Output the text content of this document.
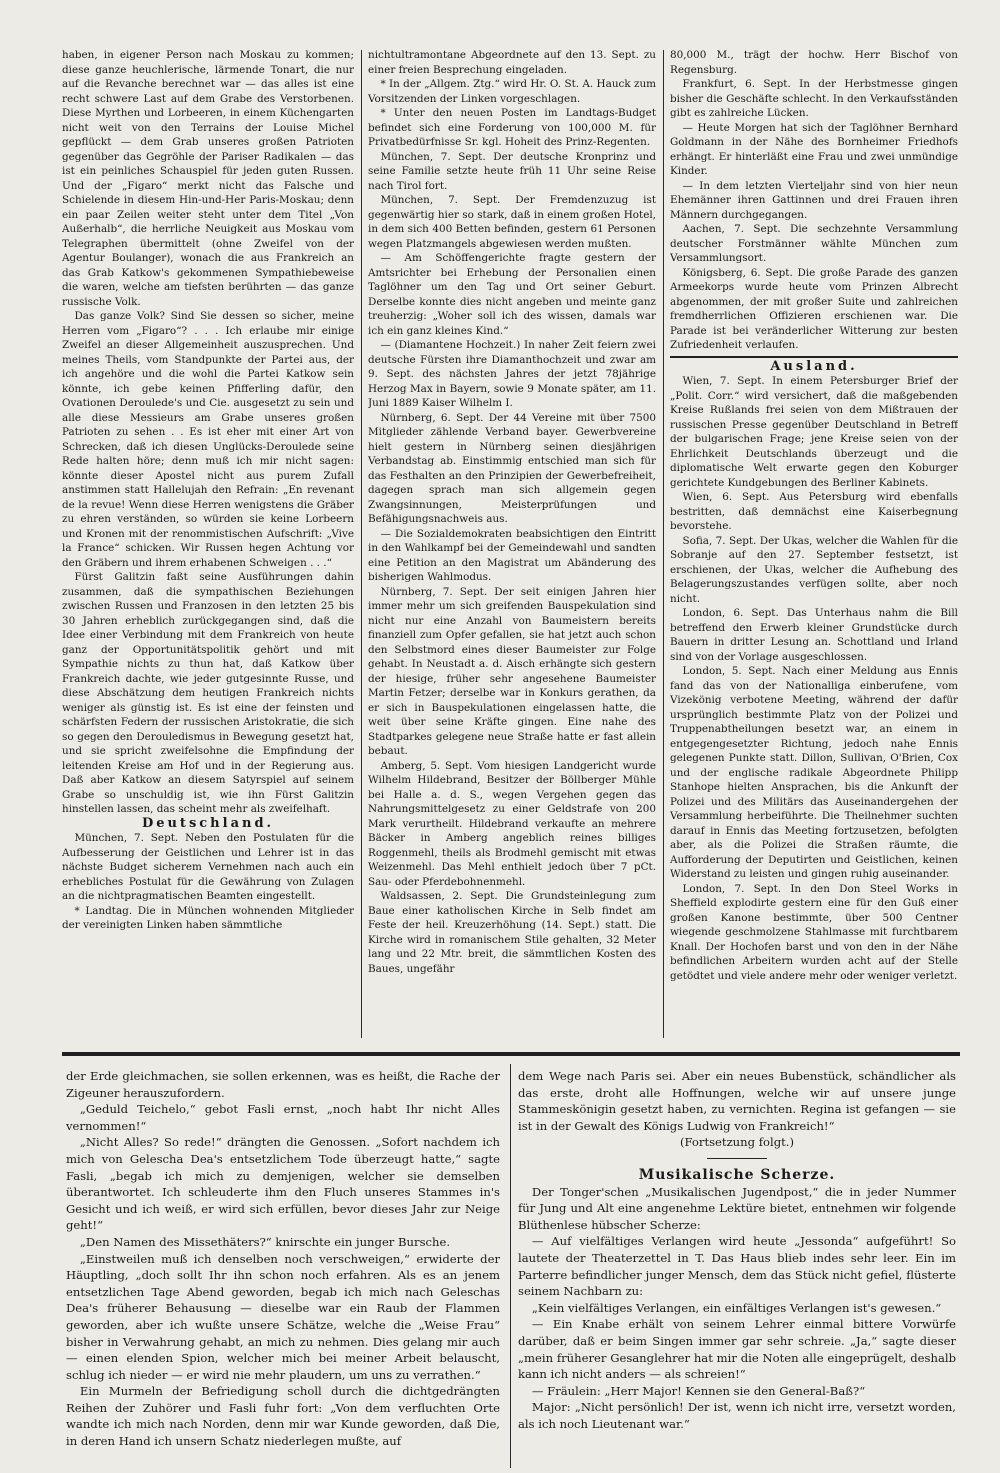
haben, in eigener Person nach Moskau zu kommen; diese ganze heuchlerische, lärmende Tonart, die nur auf die Revanche berechnet war — das alles ist eine recht schwere Last auf dem Grabe des Verstorbenen. Diese Myrthen und Lorbeeren, in einem Küchengarten nicht weit von den Terrains der Louise Michel gepflückt — dem Grab unseres großen Patrioten gegenüber das Gegröhle der Pariser Radikalen — das ist ein peinliches Schauspiel für jeden guten Russen. Und der „Figaro“ merkt nicht das Falsche und Schielende in diesem Hin-und-Her Paris-Moskau; denn ein paar Zeilen weiter steht unter dem Titel „Von Außerhalb“, die herrliche Neuigkeit aus Moskau vom Telegraphen übermittelt (ohne Zweifel von der Agentur Boulanger), wonach die aus Frankreich an das Grab Katkow's gekommenen Sympathiebeweise die waren, welche am tiefsten berührten — das ganze russische Volk.

Das ganze Volk? Sind Sie dessen so sicher, meine Herren vom „Figaro“? . . . Ich erlaube mir einige Zweifel an dieser Allgemeinheit auszusprechen. Und meines Theils, vom Standpunkte der Partei aus, der ich angehöre und die wohl die Partei Katkow sein könnte, ich gebe keinen Pfifferling dafür, den Ovationen Deroulede's und Cie. ausgesetzt zu sein und alle diese Messieurs am Grabe unseres großen Patrioten zu sehen . . Es ist eher mit einer Art von Schrecken, daß ich diesen Unglücks-Deroulede seine Rede halten höre; denn muß ich mir nicht sagen: könnte dieser Apostel nicht aus purem Zufall anstimmen statt Hallelujah den Refrain: „En revenant de la revue! Wenn diese Herren wenigstens die Gräber zu ehren verständen, so würden sie keine Lorbeern und Kronen mit der renommistischen Aufschrift: „Vive la France“ schicken. Wir Russen hegen Achtung vor den Gräbern und ihrem erhabenen Schweigen . . .“

Fürst Galitzin faßt seine Ausführungen dahin zusammen, daß die sympathischen Beziehungen zwischen Russen und Franzosen in den letzten 25 bis 30 Jahren erheblich zurückgegangen sind, daß die Idee einer Verbindung mit dem Frankreich von heute ganz der Opportunitätspolitik gehört und mit Sympathie nichts zu thun hat, daß Katkow über Frankreich dachte, wie jeder gutgesinnte Russe, und diese Abschätzung dem heutigen Frankreich nichts weniger als günstig ist. Es ist eine der feinsten und schärfsten Federn der russischen Aristokratie, die sich so gegen den Derouledismus in Bewegung gesetzt hat, und sie spricht zweifelsohne die Empfindung der leitenden Kreise am Hof und in der Regierung aus. Daß aber Katkow an diesem Satyrspiel auf seinem Grabe so unschuldig ist, wie ihn Fürst Galitzin hinstellen lassen, das scheint mehr als zweifelhaft.

Deutschland.

München, 7. Sept. Neben den Postulaten für die Aufbesserung der Geistlichen und Lehrer ist in das nächste Budget sicherem Vernehmen nach auch ein erhebliches Postulat für die Gewährung von Zulagen an die nichtpragmatischen Beamten eingestellt.

* Landtag. Die in München wohnenden Mitglieder der vereinigten Linken haben sämmtliche

nichtultramontane Abgeordnete auf den 13. Sept. zu einer freien Besprechung eingeladen.

* In der „Allgem. Ztg.“ wird Hr. O. St. A. Hauck zum Vorsitzenden der Linken vorgeschlagen.

* Unter den neuen Posten im Landtags-Budget befindet sich eine Forderung von 100,000 M. für Privatbedürfnisse Sr. kgl. Hoheit des Prinz-Regenten.

München, 7. Sept. Der deutsche Kronprinz und seine Familie setzte heute früh 11 Uhr seine Reise nach Tirol fort.

München, 7. Sept. Der Fremdenzuzug ist gegenwärtig hier so stark, daß in einem großen Hotel, in dem sich 400 Betten befinden, gestern 61 Personen wegen Platzmangels abgewiesen werden mußten.

— Am Schöffengerichte fragte gestern der Amtsrichter bei Erhebung der Personalien einen Taglöhner um den Tag und Ort seiner Geburt. Derselbe konnte dies nicht angeben und meinte ganz treuherzig: „Woher soll ich des wissen, damals war ich ein ganz kleines Kind.“

— (Diamantene Hochzeit.) In naher Zeit feiern zwei deutsche Fürsten ihre Diamanthochzeit und zwar am 9. Sept. des nächsten Jahres der jetzt 78jährige Herzog Max in Bayern, sowie 9 Monate später, am 11. Juni 1889 Kaiser Wilhelm I.

Nürnberg, 6. Sept. Der 44 Vereine mit über 7500 Mitglieder zählende Verband bayer. Gewerbvereine hielt gestern in Nürnberg seinen diesjährigen Verbandstag ab. Einstimmig entschied man sich für das Festhalten an den Prinzipien der Gewerbefreiheit, dagegen sprach man sich allgemein gegen Zwangsinnungen, Meisterprüfungen und Befähigungsnachweis aus.

— Die Sozialdemokraten beabsichtigen den Eintritt in den Wahlkampf bei der Gemeindewahl und sandten eine Petition an den Magistrat um Abänderung des bisherigen Wahlmodus.

Nürnberg, 7. Sept. Der seit einigen Jahren hier immer mehr um sich greifenden Bauspekulation sind nicht nur eine Anzahl von Baumeistern bereits finanziell zum Opfer gefallen, sie hat jetzt auch schon den Selbstmord eines dieser Baumeister zur Folge gehabt. In Neustadt a. d. Aisch erhängte sich gestern der hiesige, früher sehr angesehene Baumeister Martin Fetzer; derselbe war in Konkurs gerathen, da er sich in Bauspekulationen eingelassen hatte, die weit über seine Kräfte gingen. Eine nahe des Stadtparkes gelegene neue Straße hatte er fast allein bebaut.

Amberg, 5. Sept. Vom hiesigen Landgericht wurde Wilhelm Hildebrand, Besitzer der Böllberger Mühle bei Halle a. d. S., wegen Vergehen gegen das Nahrungsmittelgesetz zu einer Geldstrafe von 200 Mark verurtheilt. Hildebrand verkaufte an mehrere Bäcker in Amberg angeblich reines billiges Roggenmehl, theils als Brodmehl gemischt mit etwas Weizenmehl. Das Mehl enthielt jedoch über 7 pCt. Sau- oder Pferdebohnenmehl.

Waldsassen, 2. Sept. Die Grundsteinlegung zum Baue einer katholischen Kirche in Selb findet am Feste der heil. Kreuzerhöhung (14. Sept.) statt. Die Kirche wird in romanischem Stile gehalten, 32 Meter lang und 22 Mtr. breit, die sämmtlichen Kosten des Baues, ungefähr

80,000 M., trägt der hochw. Herr Bischof von Regensburg.

Frankfurt, 6. Sept. In der Herbstmesse gingen bisher die Geschäfte schlecht. In den Verkaufsständen gibt es zahlreiche Lücken.

— Heute Morgen hat sich der Taglöhner Bernhard Goldmann in der Nähe des Bornheimer Friedhofs erhängt. Er hinterläßt eine Frau und zwei unmündige Kinder.

— In dem letzten Vierteljahr sind von hier neun Ehemänner ihren Gattinnen und drei Frauen ihren Männern durchgegangen.

Aachen, 7. Sept. Die sechzehnte Versammlung deutscher Forstmänner wählte München zum Versammlungsort.

Königsberg, 6. Sept. Die große Parade des ganzen Armeekorps wurde heute vom Prinzen Albrecht abgenommen, der mit großer Suite und zahlreichen fremdherrlichen Offizieren erschienen war. Die Parade ist bei veränderlicher Witterung zur besten Zufriedenheit verlaufen.

Ausland.

Wien, 7. Sept. In einem Petersburger Brief der „Polit. Corr.“ wird versichert, daß die maßgebenden Kreise Rußlands frei seien von dem Mißtrauen der russischen Presse gegenüber Deutschland in Betreff der bulgarischen Frage; jene Kreise seien von der Ehrlichkeit Deutschlands überzeugt und die diplomatische Welt erwarte gegen den Koburger gerichtete Kundgebungen des Berliner Kabinets.

Wien, 6. Sept. Aus Petersburg wird ebenfalls bestritten, daß demnächst eine Kaiserbegnung bevorstehe.

Sofia, 7. Sept. Der Ukas, welcher die Wahlen für die Sobranje auf den 27. September festsetzt, ist erschienen, der Ukas, welcher die Aufhebung des Belagerungszustandes verfügen sollte, aber noch nicht.

London, 6. Sept. Das Unterhaus nahm die Bill betreffend den Erwerb kleiner Grundstücke durch Bauern in dritter Lesung an. Schottland und Irland sind von der Vorlage ausgeschlossen.

London, 5. Sept. Nach einer Meldung aus Ennis fand das von der Nationalliga einberufene, vom Vizekönig verbotene Meeting, während der dafür ursprünglich bestimmte Platz von der Polizei und Truppenabtheilungen besetzt war, an einem in entgegengesetzter Richtung, jedoch nahe Ennis gelegenen Punkte statt. Dillon, Sullivan, O'Brien, Cox und der englische radikale Abgeordnete Philipp Stanhope hielten Ansprachen, bis die Ankunft der Polizei und des Militärs das Auseinandergehen der Versammlung herbeiführte. Die Theilnehmer suchten darauf in Ennis das Meeting fortzusetzen, befolgten aber, als die Polizei die Straßen räumte, die Aufforderung der Deputirten und Geistlichen, keinen Widerstand zu leisten und gingen ruhig auseinander.

London, 7. Sept. In den Don Steel Works in Sheffield explodirte gestern eine für den Guß einer großen Kanone bestimmte, über 500 Centner wiegende geschmolzene Stahlmasse mit furchtbarem Knall. Der Hochofen barst und von den in der Nähe befindlichen Arbeitern wurden acht auf der Stelle getödtet und viele andere mehr oder weniger verletzt.

der Erde gleichmachen, sie sollen erkennen, was es heißt, die Rache der Zigeuner herauszufordern.

„Geduld Teichelo,“ gebot Fasli ernst, „noch habt Ihr nicht Alles vernommen!“

„Nicht Alles? So rede!“ drängten die Genossen. „Sofort nachdem ich mich von Gelescha Dea's entsetzlichem Tode überzeugt hatte,“ sagte Fasli, „begab ich mich zu demjenigen, welcher sie demselben überantwortet. Ich schleuderte ihm den Fluch unseres Stammes in's Gesicht und ich weiß, er wird sich erfüllen, bevor dieses Jahr zur Neige geht!“

„Den Namen des Missethäters?“ knirschte ein junger Bursche.

„Einstweilen muß ich denselben noch verschweigen,“ erwiderte der Häuptling, „doch sollt Ihr ihn schon noch erfahren. Als es an jenem entsetzlichen Tage Abend geworden, begab ich mich nach Geleschas Dea's früherer Behausung — dieselbe war ein Raub der Flammen geworden, aber ich wußte unsere Schätze, welche die „Weise Frau“ bisher in Verwahrung gehabt, an mich zu nehmen. Dies gelang mir auch — einen elenden Spion, welcher mich bei meiner Arbeit belauscht, schlug ich nieder — er wird nie mehr plaudern, um uns zu verrathen.“

Ein Murmeln der Befriedigung scholl durch die dichtgedrängten Reihen der Zuhörer und Fasli fuhr fort: „Von dem verfluchten Orte wandte ich mich nach Norden, denn mir war Kunde geworden, daß Die, in deren Hand ich unsern Schatz niederlegen mußte, auf

dem Wege nach Paris sei. Aber ein neues Bubenstück, schändlicher als das erste, droht alle Hoffnungen, welche wir auf unsere junge Stammeskönigin gesetzt haben, zu vernichten. Regina ist gefangen — sie ist in der Gewalt des Königs Ludwig von Frankreich!“

(Fortsetzung folgt.)

Musikalische Scherze.

Der Tonger'schen „Musikalischen Jugendpost,“ die in jeder Nummer für Jung und Alt eine angenehme Lektüre bietet, entnehmen wir folgende Blüthenlese hübscher Scherze:

— Auf vielfältiges Verlangen wird heute „Jessonda“ aufgeführt! So lautete der Theaterzettel in T. Das Haus blieb indes sehr leer. Ein im Parterre befindlicher junger Mensch, dem das Stück nicht gefiel, flüsterte seinem Nachbarn zu:

„Kein vielfältiges Verlangen, ein einfältiges Verlangen ist's gewesen.“

— Ein Knabe erhält von seinem Lehrer einmal bittere Vorwürfe darüber, daß er beim Singen immer gar sehr schreie. „Ja,“ sagte dieser „mein früherer Gesanglehrer hat mir die Noten alle eingeprügelt, deshalb kann ich nicht anders — als schreien!“

— Fräulein: „Herr Major! Kennen sie den General-Baß?“

Major: „Nicht persönlich! Der ist, wenn ich nicht irre, versetzt worden, als ich noch Lieutenant war.“
